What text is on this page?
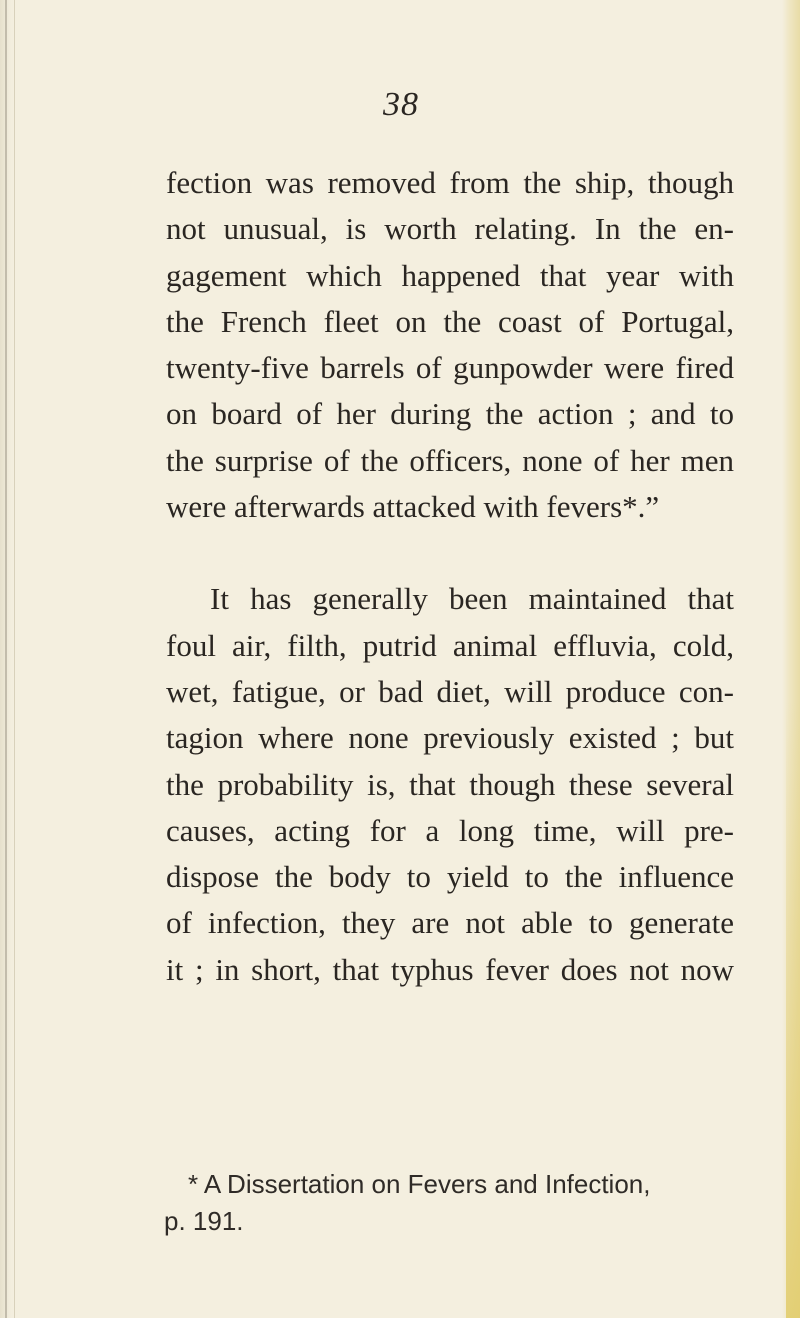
38
fection was removed from the ship, though
not unusual, is worth relating. In the en-
gagement which happened that year with
the French fleet on the coast of Portugal,
twenty-five barrels of gunpowder were fired
on board of her during the action ; and to
the surprise of the officers, none of her men
were afterwards attacked with fevers*.”
It has generally been maintained that
foul air, filth, putrid animal effluvia, cold,
wet, fatigue, or bad diet, will produce con-
tagion where none previously existed ; but
the probability is, that though these several
causes, acting for a long time, will pre-
dispose the body to yield to the influence
of infection, they are not able to generate
it ; in short, that typhus fever does not now
* A Dissertation on Fevers and Infection,
p. 191.
